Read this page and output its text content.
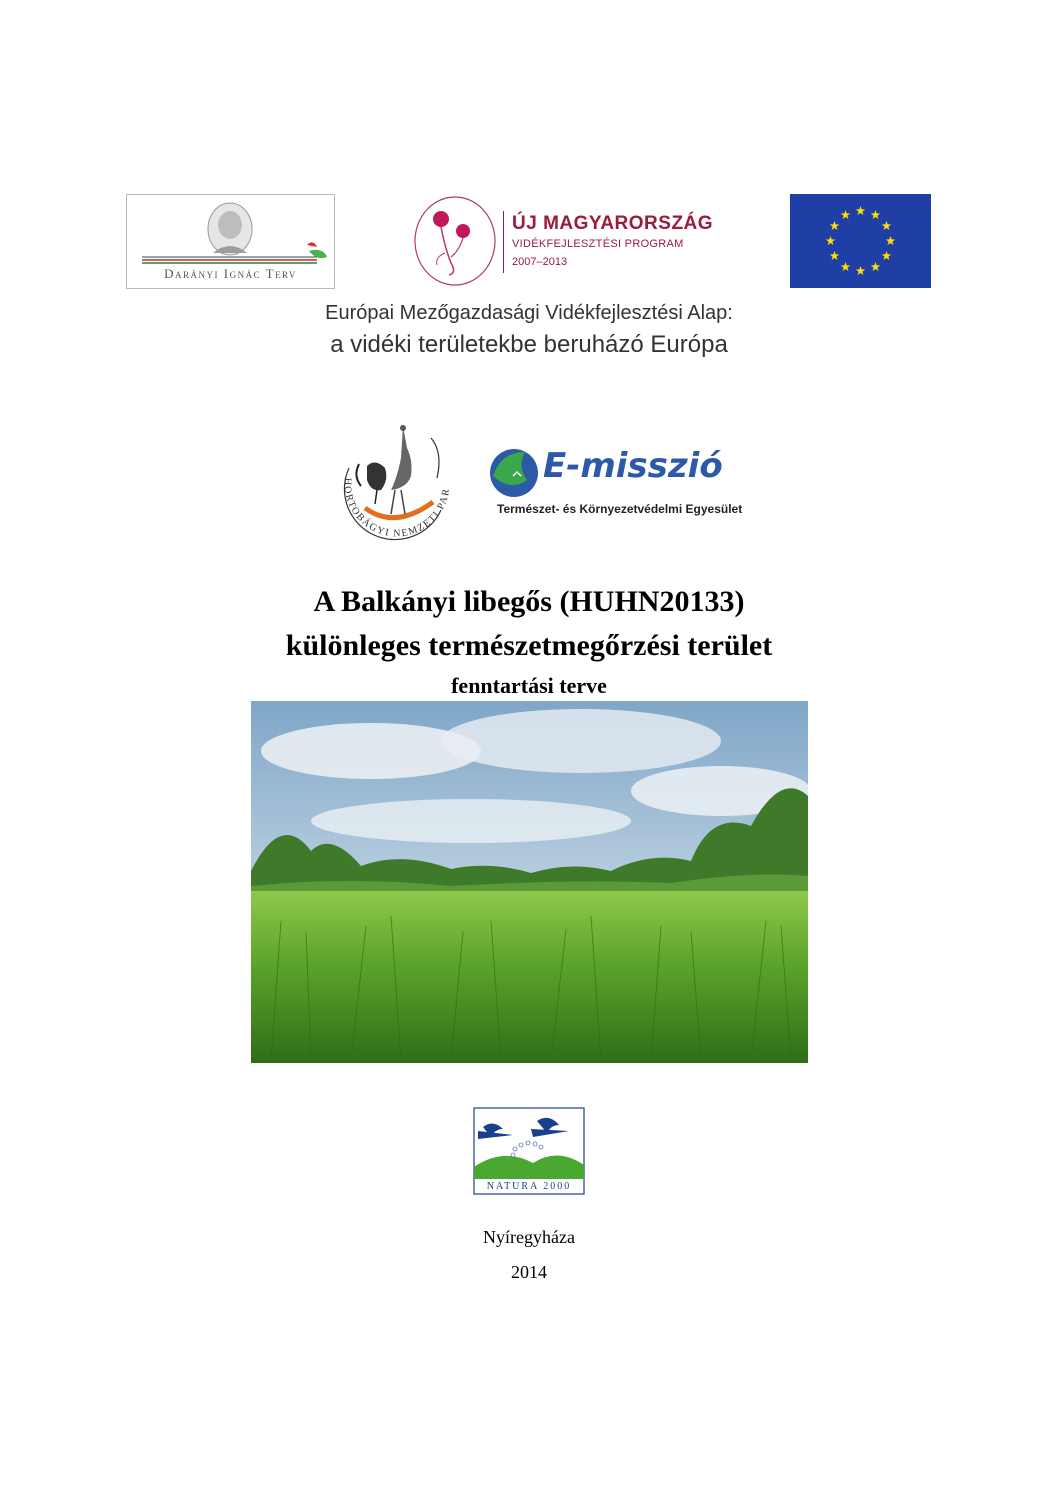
Darányi Ignác Terv
ÚJ MAGYARORSZÁG
VIDÉKFEJLESZTÉSI PROGRAM
2007–2013
Európai Mezőgazdasági Vidékfejlesztési Alap:
a vidéki területekbe beruházó Európa
HORTOBÁGYI NEMZETI PAR
E-misszió
Természet- és Környezetvédelmi Egyesület
A Balkányi libegős (HUHN20133)
különleges természetmegőrzési terület
fenntartási terve
NATURA 2000
Nyíregyháza
2014
